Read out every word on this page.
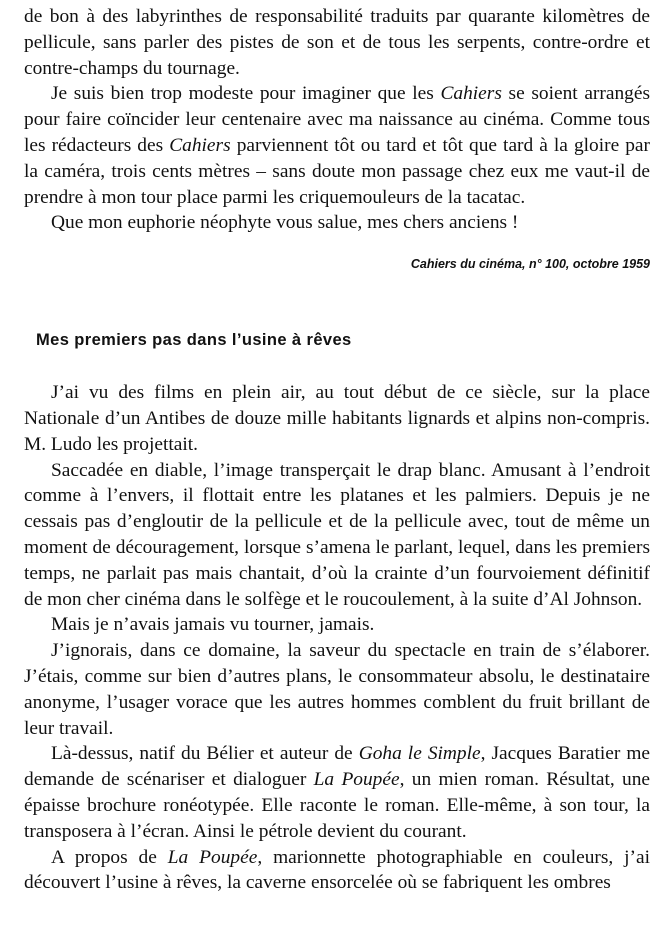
de bon à des labyrinthes de responsabilité traduits par quarante kilomètres de pellicule, sans parler des pistes de son et de tous les serpents, contre-ordre et contre-champs du tournage.

Je suis bien trop modeste pour imaginer que les Cahiers se soient arrangés pour faire coïncider leur centenaire avec ma naissance au cinéma. Comme tous les rédacteurs des Cahiers parviennent tôt ou tard et tôt que tard à la gloire par la caméra, trois cents mètres – sans doute mon passage chez eux me vaut-il de prendre à mon tour place parmi les criquemouleurs de la tacatac.

Que mon euphorie néophyte vous salue, mes chers anciens !

Cahiers du cinéma, n° 100, octobre 1959
Mes premiers pas dans l’usine à rêves

J’ai vu des films en plein air, au tout début de ce siècle, sur la place Nationale d’un Antibes de douze mille habitants lignards et alpins non-compris. M. Ludo les projettait.

Saccadée en diable, l’image transperçait le drap blanc. Amusant à l’endroit comme à l’envers, il flottait entre les platanes et les palmiers. Depuis je ne cessais pas d’engloutir de la pellicule et de la pellicule avec, tout de même un moment de découragement, lorsque s’amena le parlant, lequel, dans les premiers temps, ne parlait pas mais chantait, d’où la crainte d’un fourvoiement définitif de mon cher cinéma dans le solfège et le roucoulement, à la suite d’Al Johnson.

Mais je n’avais jamais vu tourner, jamais.

J’ignorais, dans ce domaine, la saveur du spectacle en train de s’élaborer. J’étais, comme sur bien d’autres plans, le consommateur absolu, le destinataire anonyme, l’usager vorace que les autres hommes comblent du fruit brillant de leur travail.

Là-dessus, natif du Bélier et auteur de Goha le Simple, Jacques Baratier me demande de scénariser et dialoguer La Poupée, un mien roman. Résultat, une épaisse brochure ronéotypée. Elle raconte le roman. Elle-même, à son tour, la transposera à l’écran. Ainsi le pétrole devient du courant.

A propos de La Poupée, marionnette photographiable en couleurs, j’ai découvert l’usine à rêves, la caverne ensorcelée où se fabriquent les ombres
